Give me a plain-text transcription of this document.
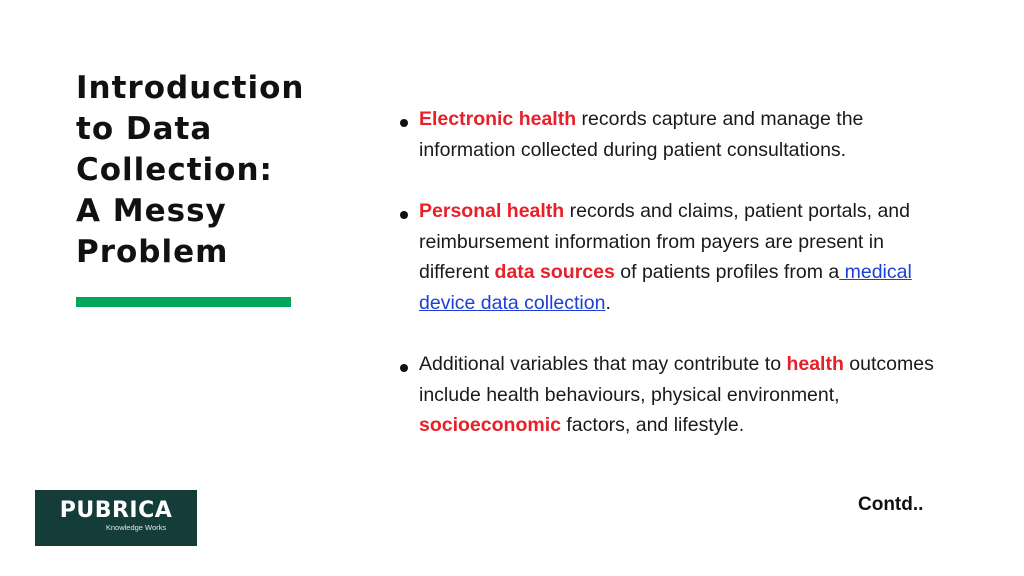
Introduction to Data Collection: A Messy Problem
Electronic health records capture and manage the information collected during patient consultations.
Personal health records and claims, patient portals, and reimbursement information from payers are present in different data sources of patients profiles from a medical device data collection.
Additional variables that may contribute to health outcomes include health behaviours, physical environment, socioeconomic factors, and lifestyle.
PUBRICA
Knowledge Works
Contd..
